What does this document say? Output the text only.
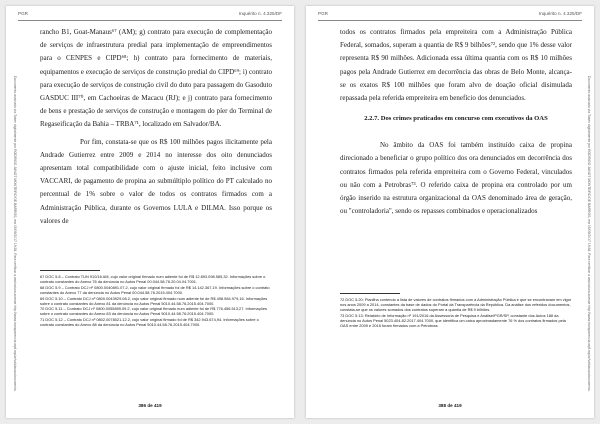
PGR	Inquérito n. 4.325/DF
Documento assinado via Token digitalmente por RODRIGO JANOT MONTEIRO DE BARROS, em 05/09/2017 19:38. Para verificar a assinatura acesse http://www.transparencia.mpf.mp.br/validacaodocumento.

rancho B1, Goat-Manaus⁶⁷ (AM); g) contrato para execução de complementação de serviços de infraestrutura predial para implementação de empreendimentos para o CENPES e CIPD⁶⁸; h) contrato para fornecimento de materiais, equipamentos e execução de serviços de construção predial do CIPD⁶⁹; i) contrato para execução de serviços de construção civil do duto para passagem do Gasoduto GASDUC III⁷⁰, em Cachoeiras de Macacu (RJ); e j) contrato para fornecimento de bens e prestação de serviços de construção e montagem do píer do Terminal de Regaseificação da Bahia – TRBA⁷¹, localizado em Salvador/BA.

Por fim, constata-se que os R$ 100 milhões pagos ilicitamente pela Andrade Gutierrez entre 2009 e 2014 no interesse dos oito denunciados apresentam total compatibilidade com o ajuste inicial, feito inclusive com VACCARI, de pagamento de propina ao submúltiplo político do PT calculado no percentual de 1% sobre o valor de todos os contratos firmados com a Administração Pública, durante os Governos LULA e DILMA. Isso porque os valores de

67 DOC 5.8 – Contrato TUN 910/16 AM, cujo valor original firmado num adiente foi de R$ 12.893.098.585,32. Informações sobre o contrato constantes do Anexo 76 da denúncia no Autos Penal 00.044.58.76.20.04.04.7001.
68 DOC 5.9 – Contrato DCJ nº 0800.0040891.07.2, cujo valor original firmado foi de R$ 14.142.367,19. Informações sobre o contrato constantes do Anexo 77 da denúncia no Autos Penal 00.044.58.76.2015.404.7000.
69 DOC 5.10 – Contrato DCJ nº 0800.0043929.08.2, cujo valor original firmado num adiente foi de R$ 498.984.979,16. Informações sobre o contrato constantes do Anexo 81 da denúncia no Autos Penal 5010.44.58.76.2015.404.7000.
70 DOC 5.11 – Contrato DCJ nº 0800.0055899.09.2, cujo valor original firmado num adiente foi de R$ 776.456.513,27. Informações sobre o contrato constantes do Anexo 83 da denúncia no Autos Penal 5010.44.58.76.2015.404.7000.
71 DOC 5.12 – Contrato DCJ nº 0802.0078021.12.2, cujo valor original firmado foi de R$ 342.943.674,94. Informações sobre o contrato constantes do Anexo 88 da denúncia no Autos Penal 5010.44.58.76.2015.404.7000.
386 de 419
PGR	Inquérito n. 4.325/DF
Documento assinado via Token digitalmente por RODRIGO JANOT MONTEIRO DE BARROS, em 05/09/2017 19:38. Para verificar a assinatura acesse http://www.transparencia.mpf.mp.br/validacaodocumento.

todos os contratos firmados pela empreiteira com a Administração Pública Federal, somados, superam a quantia de R$ 9 bilhões⁷², sendo que 1% desse valor representa R$ 90 milhões. Adicionada essa última quantia com os R$ 10 milhões pagos pela Andrade Gutierrez em decorrência das obras de Belo Monte, alcança-se os exatos R$ 100 milhões que foram alvo de doação oficial disimulada repassada pela referida empreiteira em benefício dos denunciados.

2.2.7. Dos crimes praticados em concurso com executivos da OAS

No âmbito da OAS foi também instituído caixa de propina direcionado a beneficiar o grupo político dos ora denunciados em decorrência dos contratos firmados pela referida empreiteira com o Governo Federal, vinculados ou não com a Petrobras⁷³. O referido caixa de propina era controlado por um órgão inserido na estrutura organizacional da OAS denominado área de geração, ou "controladoria", sendo os repasses combinados e operacionalizados

72 DOC 5.20: Planilha contendo a lista de valores de contratos firmados com a Administração Pública e que se encontravam em vigor nos anos 2009 a 2014, constantes da base de dados do Portal da Transparência da República. Da análise dos referidos documentos, constata-se que os valores somados dos contratos superam a quantia de R$ 9 bilhões.
73 DOC 5.13: Relatório de Informação nº 191/2016 da Assessoria de Pesquisa e Análise/PGR/SP, constante dos Autos 188 da denúncia no Autos Penal 5023.404-82.2017.404.7000, que identifica um caixa aproximadamente 76 % dos contratos firmados pela OAS entre 2009 e 2016 foram firmados com a Petrobras.
388 de 419
